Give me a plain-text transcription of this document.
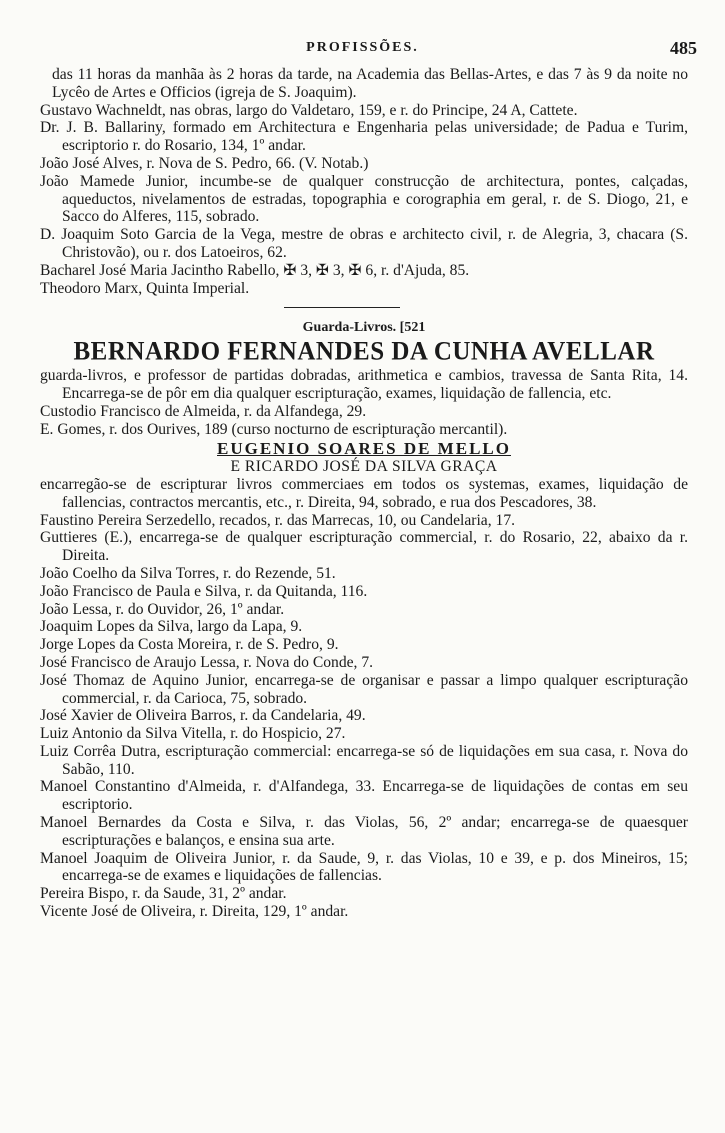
PROFISSÕES.	485

das 11 horas da manhãa às 2 horas da tarde, na Academia das Bellas-Artes, e das 7 às 9 da noite no Lycêo de Artes e Officios (igreja de S. Joaquim).

Gustavo Wachneldt, nas obras, largo do Valdetaro, 159, e r. do Principe, 24 A, Cattete.

Dr. J. B. Ballariny, formado em Architectura e Engenharia pelas universidade; de Padua e Turim, escriptorio r. do Rosario, 134, 1º andar.

João José Alves, r. Nova de S. Pedro, 66. (V. Notab.)

João Mamede Junior, incumbe-se de qualquer construcção de architectura, pontes, calçadas, aqueductos, nivelamentos de estradas, topographia e corographia em geral, r. de S. Diogo, 21, e Sacco do Alferes, 115, sobrado.

D. Joaquim Soto Garcia de la Vega, mestre de obras e architecto civil, r. de Alegria, 3, chacara (S. Christovão), ou r. dos Latoeiros, 62.

Bacharel José Maria Jacintho Rabello, ✠ 3, ✠ 3, ✠ 6, r. d'Ajuda, 85.

Theodoro Marx, Quinta Imperial.

Guarda-Livros. [521

BERNARDO FERNANDES DA CUNHA AVELLAR

guarda-livros, e professor de partidas dobradas, arithmetica e cambios, travessa de Santa Rita, 14. Encarrega-se de pôr em dia qualquer escripturação, exames, liquidação de fallencia, etc.

Custodio Francisco de Almeida, r. da Alfandega, 29.

E. Gomes, r. dos Ourives, 189 (curso nocturno de escripturação mercantil).

EUGENIO SOARES DE MELLO

E RICARDO JOSÉ DA SILVA GRAÇA

encarregão-se de escripturar livros commerciaes em todos os systemas, exames, liquidação de fallencias, contractos mercantis, etc., r. Direita, 94, sobrado, e rua dos Pescadores, 38.

Faustino Pereira Serzedello, recados, r. das Marrecas, 10, ou Candelaria, 17.

Guttieres (E.), encarrega-se de qualquer escripturação commercial, r. do Rosario, 22, abaixo da r. Direita.

João Coelho da Silva Torres, r. do Rezende, 51.

João Francisco de Paula e Silva, r. da Quitanda, 116.

João Lessa, r. do Ouvidor, 26, 1º andar.

Joaquim Lopes da Silva, largo da Lapa, 9.

Jorge Lopes da Costa Moreira, r. de S. Pedro, 9.

José Francisco de Araujo Lessa, r. Nova do Conde, 7.

José Thomaz de Aquino Junior, encarrega-se de organisar e passar a limpo qualquer escripturação commercial, r. da Carioca, 75, sobrado.

José Xavier de Oliveira Barros, r. da Candelaria, 49.

Luiz Antonio da Silva Vitella, r. do Hospicio, 27.

Luiz Corrêa Dutra, escripturação commercial: encarrega-se só de liquidações em sua casa, r. Nova do Sabão, 110.

Manoel Constantino d'Almeida, r. d'Alfandega, 33. Encarrega-se de liquidações de contas em seu escriptorio.

Manoel Bernardes da Costa e Silva, r. das Violas, 56, 2º andar; encarrega-se de quaesquer escripturações e balanços, e ensina sua arte.

Manoel Joaquim de Oliveira Junior, r. da Saude, 9, r. das Violas, 10 e 39, e p. dos Mineiros, 15; encarrega-se de exames e liquidações de fallencias.

Pereira Bispo, r. da Saude, 31, 2º andar.

Vicente José de Oliveira, r. Direita, 129, 1º andar.
